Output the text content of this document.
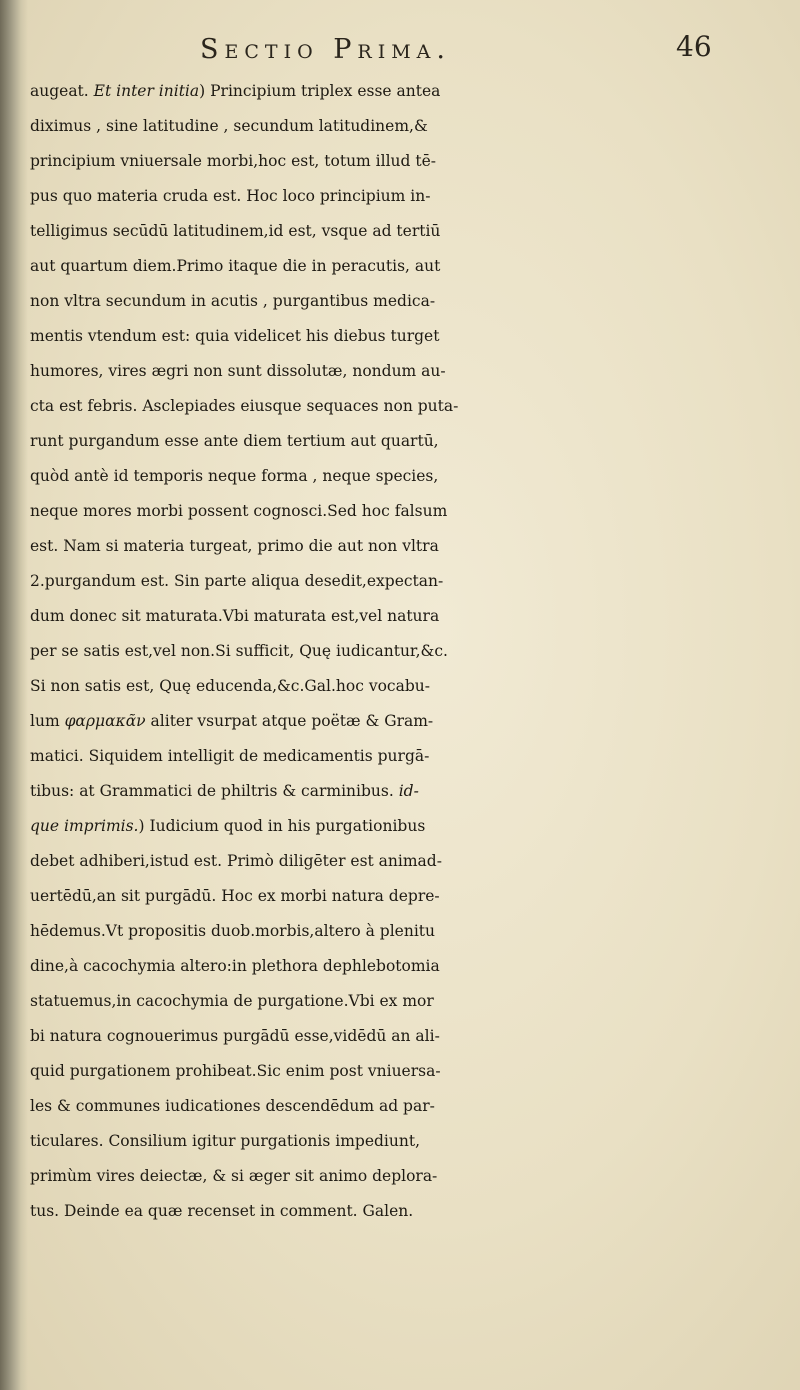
Sectio Prima.	46
augeat. Et inter initia) Principium triplex esse antea
diximus , sine latitudine , secundum latitudinem,&
principium vniuersale morbi,hoc est, totum illud tē-
pus quo materia cruda est. Hoc loco principium in-
telligimus secūdū latitudinem,id est, vsque ad tertiū
aut quartum diem.Primo itaque die in peracutis, aut
non vltra secundum in acutis , purgantibus medica-
mentis vtendum est: quia videlicet his diebus turget
humores, vires ægri non sunt dissolutæ, nondum au-
cta est febris. Asclepiades eiusque sequaces non puta-
runt purgandum esse ante diem tertium aut quartū,
quòd antè id temporis neque forma , neque species,
neque mores morbi possent cognosci.Sed hoc falsum
est. Nam si materia turgeat, primo die aut non vltra
2.purgandum est. Sin parte aliqua desedit,expectan-
dum donec sit maturata.Vbi maturata est,vel natura
per se satis est,vel non.Si sufficit, Quę iudicantur,&c.
Si non satis est, Quę educenda,&c.Gal.hoc vocabu-
lum φαρμακᾶν aliter vsurpat atque poëtæ & Gram-
matici. Siquidem intelligit de medicamentis purgā-
tibus: at Grammatici de philtris & carminibus. id-
que imprimis.) Iudicium quod in his purgationibus
debet adhiberi,istud est. Primò diligēter est animad-
uertēdū,an sit purgādū. Hoc ex morbi natura depre-
hēdemus.Vt propositis duob.morbis,altero à plenitu
dine,à cacochymia altero:in plethora dephlebotomia
statuemus,in cacochymia de purgatione.Vbi ex mor
bi natura cognouerimus purgādū esse,vidēdū an ali-
quid purgationem prohibeat.Sic enim post vniuersa-
les & communes iudicationes descendēdum ad par-
ticulares. Consilium igitur purgationis impediunt,
primùm vires deiectæ, & si æger sit animo deplora-
tus. Deinde ea quæ recenset in comment. Galen.
